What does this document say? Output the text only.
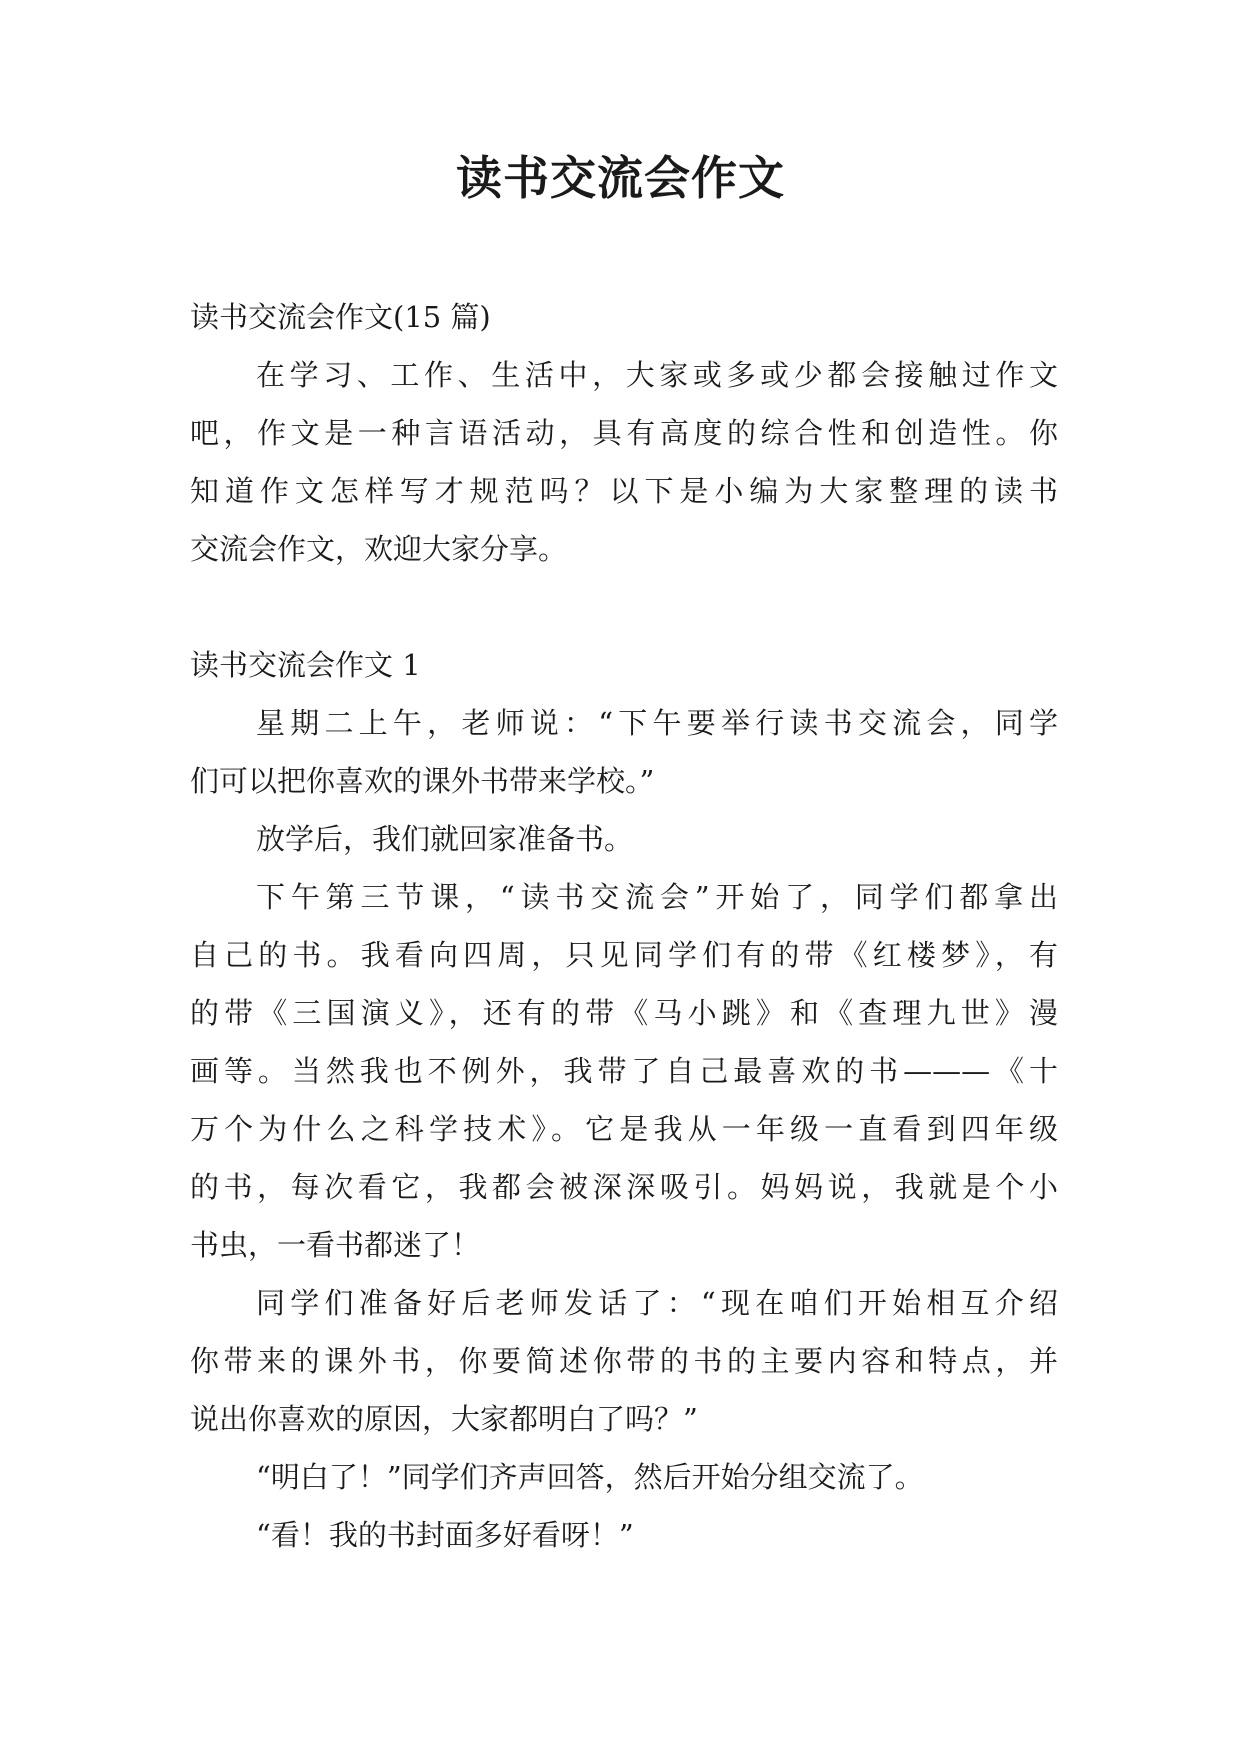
读书交流会作文
读书交流会作文(15 篇)
在学习、工作、生活中，大家或多或少都会接触过作文
吧，作文是一种言语活动，具有高度的综合性和创造性。你
知道作文怎样写才规范吗？以下是小编为大家整理的读书
交流会作文，欢迎大家分享。
读书交流会作文 1
星期二上午，老师说：“下午要举行读书交流会，同学
们可以把你喜欢的课外书带来学校。”
放学后，我们就回家准备书。
下午第三节课，“读书交流会”开始了，同学们都拿出
自己的书。我看向四周，只见同学们有的带《红楼梦》，有
的带《三国演义》，还有的带《马小跳》和《查理九世》漫
画等。当然我也不例外，我带了自己最喜欢的书———《十
万个为什么之科学技术》。它是我从一年级一直看到四年级
的书，每次看它，我都会被深深吸引。妈妈说，我就是个小
书虫，一看书都迷了！
同学们准备好后老师发话了：“现在咱们开始相互介绍
你带来的课外书，你要简述你带的书的主要内容和特点，并
说出你喜欢的原因，大家都明白了吗？”
“明白了！”同学们齐声回答，然后开始分组交流了。
“看！我的书封面多好看呀！”
